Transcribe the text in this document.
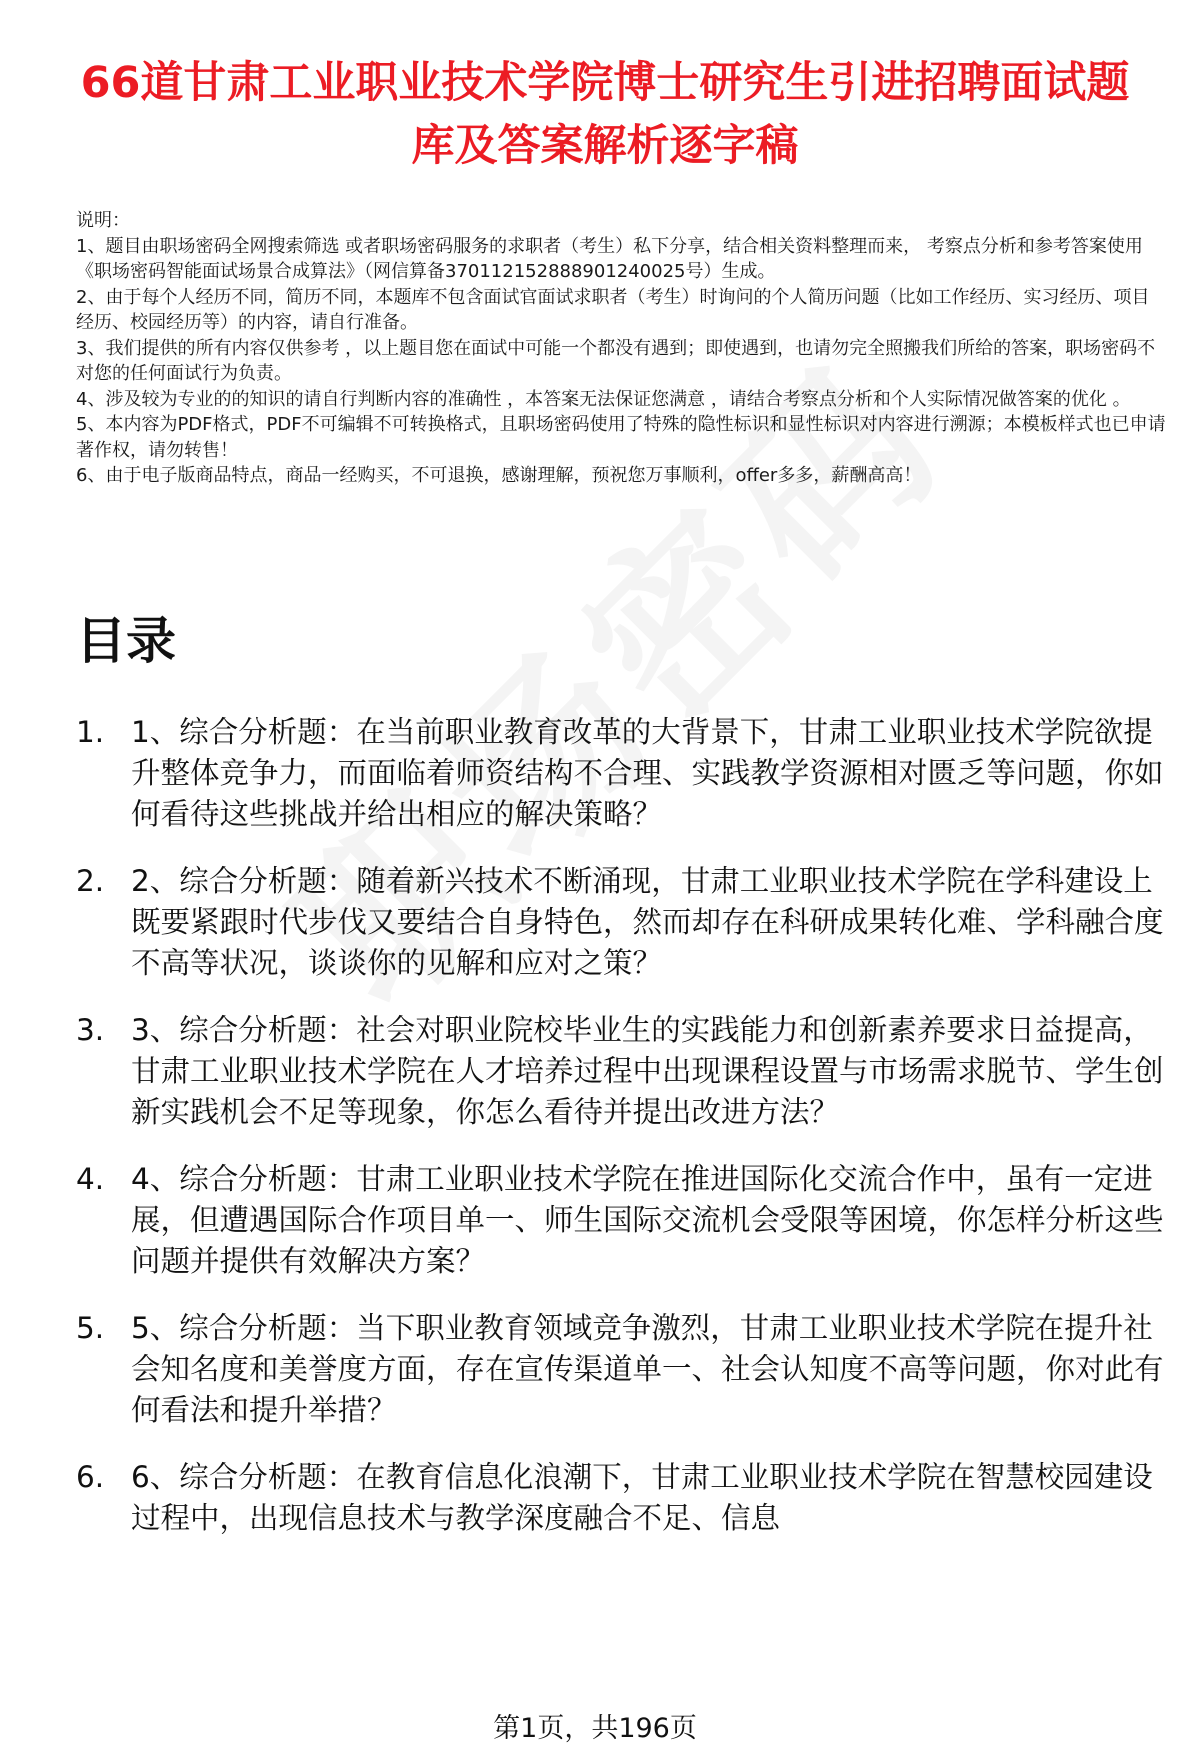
66道甘肃工业职业技术学院博士研究生引进招聘面试题库及答案解析逐字稿

说明：

1、题目由职场密码全网搜索筛选 或者职场密码服务的求职者（考生）私下分享，结合相关资料整理而来， 考察点分析和参考答案使用《职场密码智能面试场景合成算法》（网信算备370112152888901240025号）生成。

2、由于每个人经历不同，简历不同，本题库不包含面试官面试求职者（考生）时询问的个人简历问题（比如工作经历、实习经历、项目经历、校园经历等）的内容，请自行准备。

3、我们提供的所有内容仅供参考 ，以上题目您在面试中可能一个都没有遇到；即使遇到，也请勿完全照搬我们所给的答案，职场密码不对您的任何面试行为负责。

4、涉及较为专业的的知识的请自行判断内容的准确性 ，本答案无法保证您满意 ，请结合考察点分析和个人实际情况做答案的优化 。

5、本内容为PDF格式，PDF不可编辑不可转换格式，且职场密码使用了特殊的隐性标识和显性标识对内容进行溯源；本模板样式也已申请著作权，请勿转售！

6、由于电子版商品特点，商品一经购买，不可退换，感谢理解，预祝您万事顺利，offer多多，薪酬高高！

目录
1. 1、综合分析题：在当前职业教育改革的大背景下，甘肃工业职业技术学院欲提升整体竞争力，而面临着师资结构不合理、实践教学资源相对匮乏等问题，你如何看待这些挑战并给出相应的解决策略？
2. 2、综合分析题：随着新兴技术不断涌现，甘肃工业职业技术学院在学科建设上既要紧跟时代步伐又要结合自身特色，然而却存在科研成果转化难、学科融合度不高等状况，谈谈你的见解和应对之策？
3. 3、综合分析题：社会对职业院校毕业生的实践能力和创新素养要求日益提高，甘肃工业职业技术学院在人才培养过程中出现课程设置与市场需求脱节、学生创新实践机会不足等现象，你怎么看待并提出改进方法？
4. 4、综合分析题：甘肃工业职业技术学院在推进国际化交流合作中，虽有一定进展，但遭遇国际合作项目单一、师生国际交流机会受限等困境，你怎样分析这些问题并提供有效解决方案？
5. 5、综合分析题：当下职业教育领域竞争激烈，甘肃工业职业技术学院在提升社会知名度和美誉度方面，存在宣传渠道单一、社会认知度不高等问题，你对此有何看法和提升举措？
6. 6、综合分析题：在教育信息化浪潮下，甘肃工业职业技术学院在智慧校园建设过程中，出现信息技术与教学深度融合不足、信息
第1页，共196页
